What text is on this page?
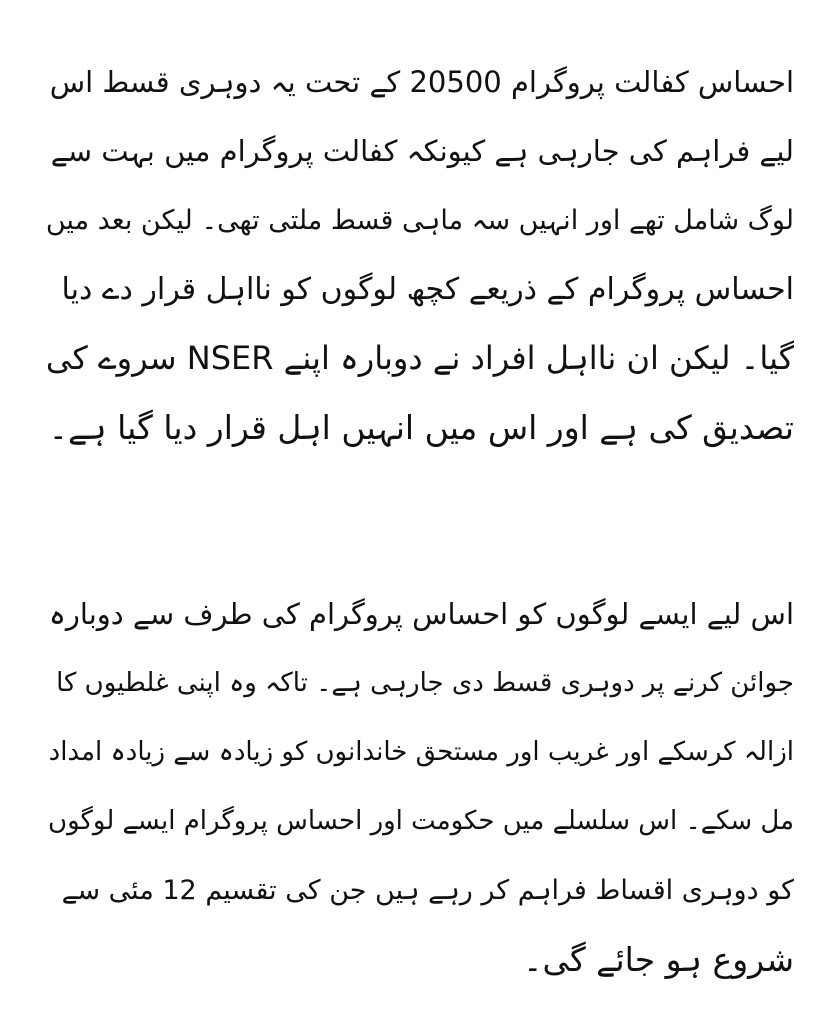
احساس کفالت پروگرام 20500 کے تحت یہ دوہری قسط اس
لیے فراہم کی جارہی ہے کیونکہ کفالت پروگرام میں بہت سے
لوگ شامل تھے اور انہیں سہ ماہی قسط ملتی تھی۔ لیکن بعد میں
احساس پروگرام کے ذریعے کچھ لوگوں کو نااہل قرار دے دیا
گیا۔ لیکن ان نااہل افراد نے دوبارہ اپنے NSER سروے کی
تصدیق کی ہے اور اس میں انہیں اہل قرار دیا گیا ہے۔

اس لیے ایسے لوگوں کو احساس پروگرام کی طرف سے دوبارہ
جوائن کرنے پر دوہری قسط دی جارہی ہے۔ تاکہ وہ اپنی غلطیوں کا
ازالہ کرسکے اور غریب اور مستحق خاندانوں کو زیادہ سے زیادہ امداد
مل سکے۔ اس سلسلے میں حکومت اور احساس پروگرام ایسے لوگوں
کو دوہری اقساط فراہم کر رہے ہیں جن کی تقسیم 12 مئی سے
شروع ہو جائے گی۔
